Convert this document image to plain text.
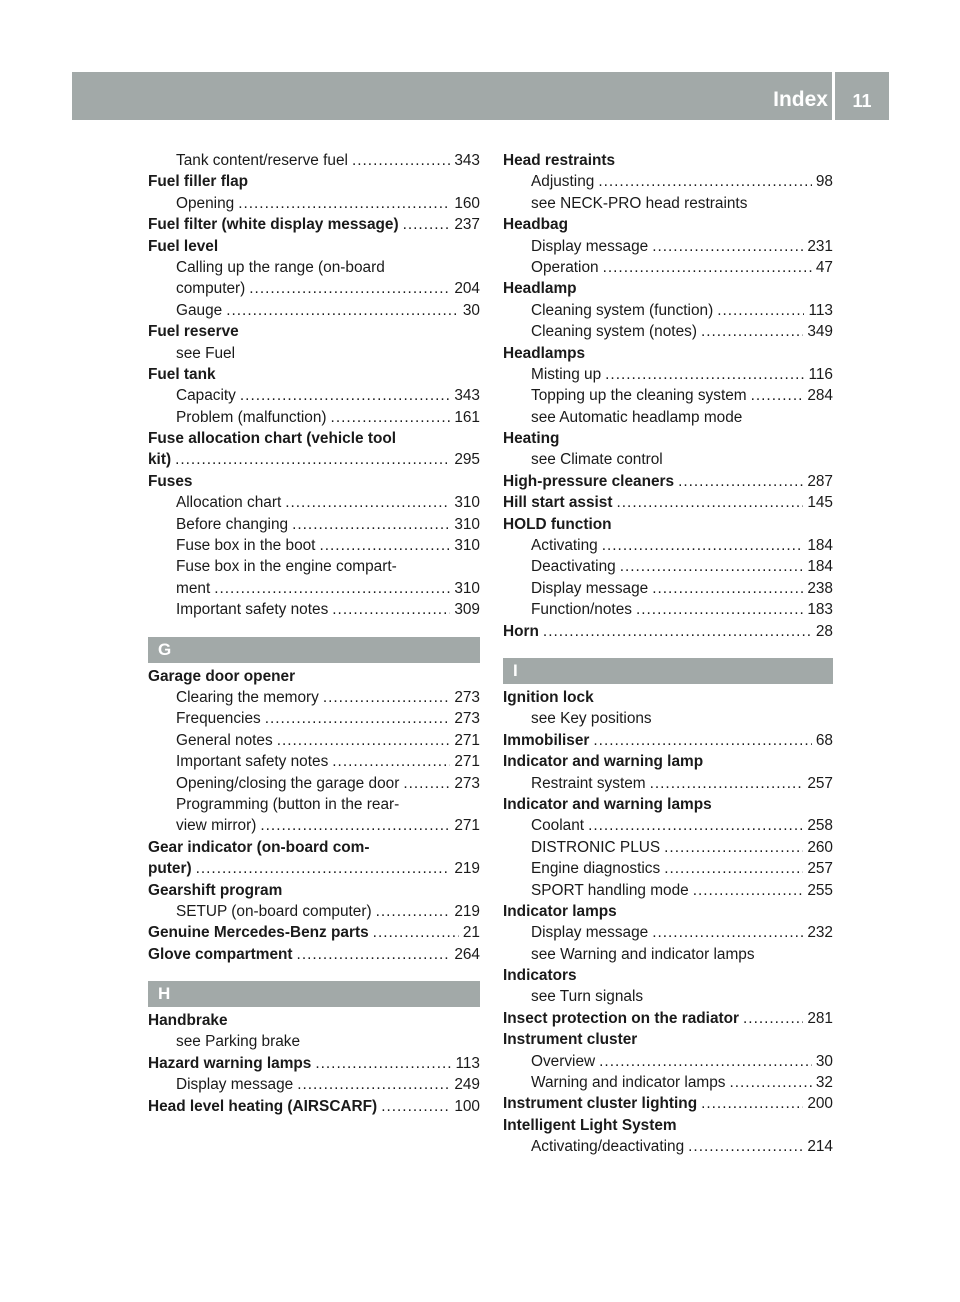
Index	11
Tank content/reserve fuel .....	343
Fuel filler flap
Opening .....	160
Fuel filter (white display message) .....	237
Fuel level
Calling up the range (on-board
computer) .....	204
Gauge .....	30
Fuel reserve
see Fuel
Fuel tank
Capacity .....	343
Problem (malfunction) .....	161
Fuse allocation chart (vehicle tool
kit) .....	295
Fuses
Allocation chart .....	310
Before changing .....	310
Fuse box in the boot .....	310
Fuse box in the engine compart-
ment .....	310
Important safety notes .....	309
G
Garage door opener
Clearing the memory .....	273
Frequencies .....	273
General notes .....	271
Important safety notes .....	271
Opening/closing the garage door .....	273
Programming (button in the rear-
view mirror) .....	271
Gear indicator (on-board com-
puter) .....	219
Gearshift program
SETUP (on-board computer) .....	219
Genuine Mercedes-Benz parts .....	21
Glove compartment .....	264
H
Handbrake
see Parking brake
Hazard warning lamps .....	113
Display message .....	249
Head level heating (AIRSCARF) .....	100
Head restraints
Adjusting .....	98
see NECK-PRO head restraints
Headbag
Display message .....	231
Operation .....	47
Headlamp
Cleaning system (function) .....	113
Cleaning system (notes) .....	349
Headlamps
Misting up .....	116
Topping up the cleaning system .....	284
see Automatic headlamp mode
Heating
see Climate control
High-pressure cleaners .....	287
Hill start assist .....	145
HOLD function
Activating .....	184
Deactivating .....	184
Display message .....	238
Function/notes .....	183
Horn .....	28
I
Ignition lock
see Key positions
Immobiliser .....	68
Indicator and warning lamp
Restraint system .....	257
Indicator and warning lamps
Coolant .....	258
DISTRONIC PLUS .....	260
Engine diagnostics .....	257
SPORT handling mode .....	255
Indicator lamps
Display message .....	232
see Warning and indicator lamps
Indicators
see Turn signals
Insect protection on the radiator .....	281
Instrument cluster
Overview .....	30
Warning and indicator lamps .....	32
Instrument cluster lighting .....	200
Intelligent Light System
Activating/deactivating .....	214
